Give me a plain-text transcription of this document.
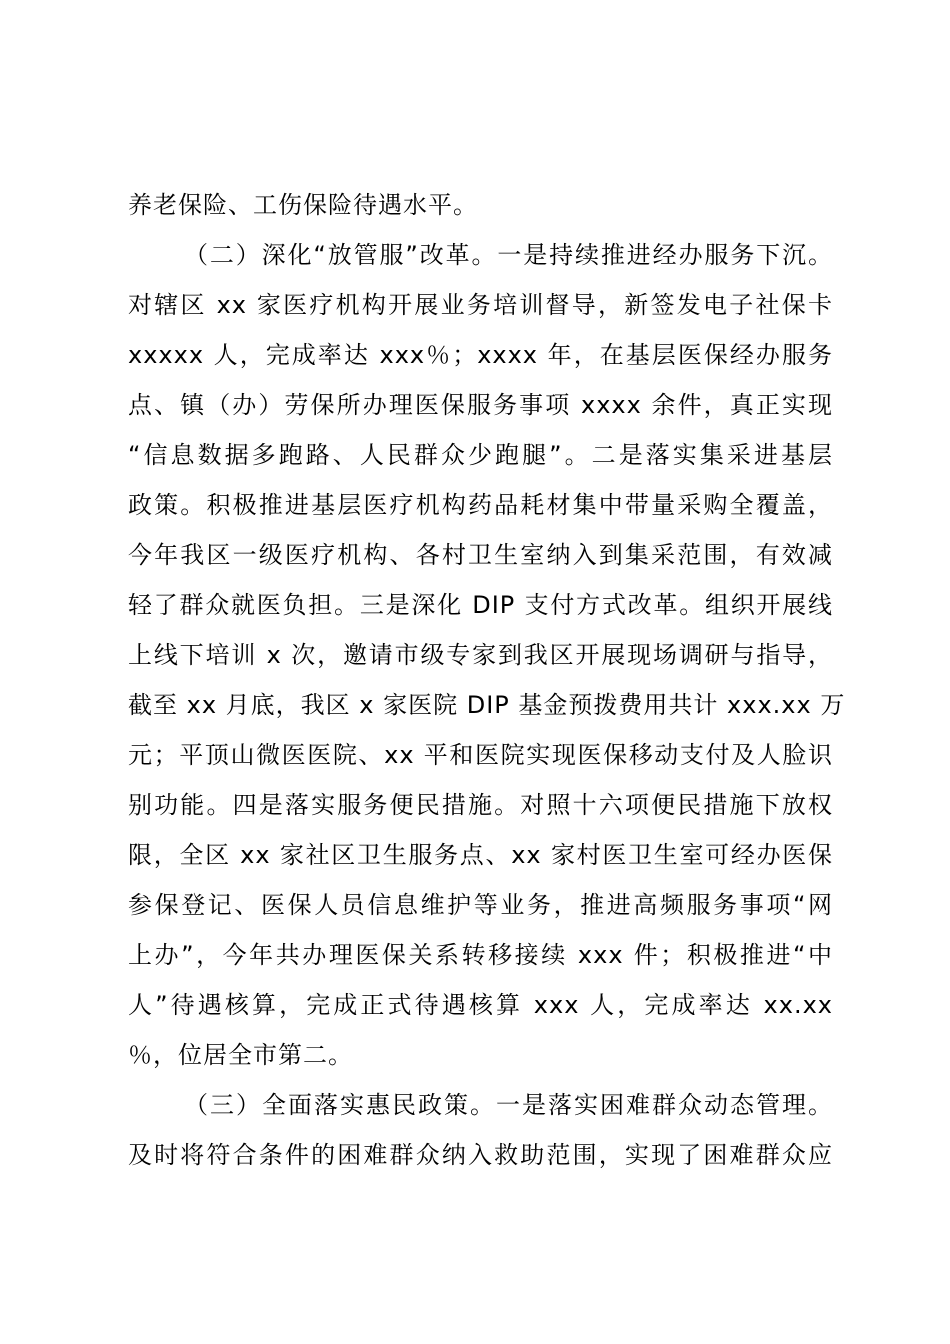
养老保险、工伤保险待遇水平。
（二）深化“放管服”改革。一是持续推进经办服务下沉。
对辖区 xx 家医疗机构开展业务培训督导，新签发电子社保卡
xxxxx 人，完成率达 xxx％；xxxx 年，在基层医保经办服务
点、镇（办）劳保所办理医保服务事项 xxxx 余件，真正实现
“信息数据多跑路、人民群众少跑腿”。二是落实集采进基层
政策。积极推进基层医疗机构药品耗材集中带量采购全覆盖，
今年我区一级医疗机构、各村卫生室纳入到集采范围，有效减
轻了群众就医负担。三是深化 DIP 支付方式改革。组织开展线
上线下培训 x 次，邀请市级专家到我区开展现场调研与指导，
截至 xx 月底，我区 x 家医院 DIP 基金预拨费用共计 xxx.xx 万
元；平顶山微医医院、xx 平和医院实现医保移动支付及人脸识
别功能。四是落实服务便民措施。对照十六项便民措施下放权
限，全区 xx 家社区卫生服务点、xx 家村医卫生室可经办医保
参保登记、医保人员信息维护等业务，推进高频服务事项“网
上办”，今年共办理医保关系转移接续 xxx 件；积极推进“中
人”待遇核算，完成正式待遇核算 xxx 人，完成率达 xx.xx
％，位居全市第二。
（三）全面落实惠民政策。一是落实困难群众动态管理。
及时将符合条件的困难群众纳入救助范围，实现了困难群众应
